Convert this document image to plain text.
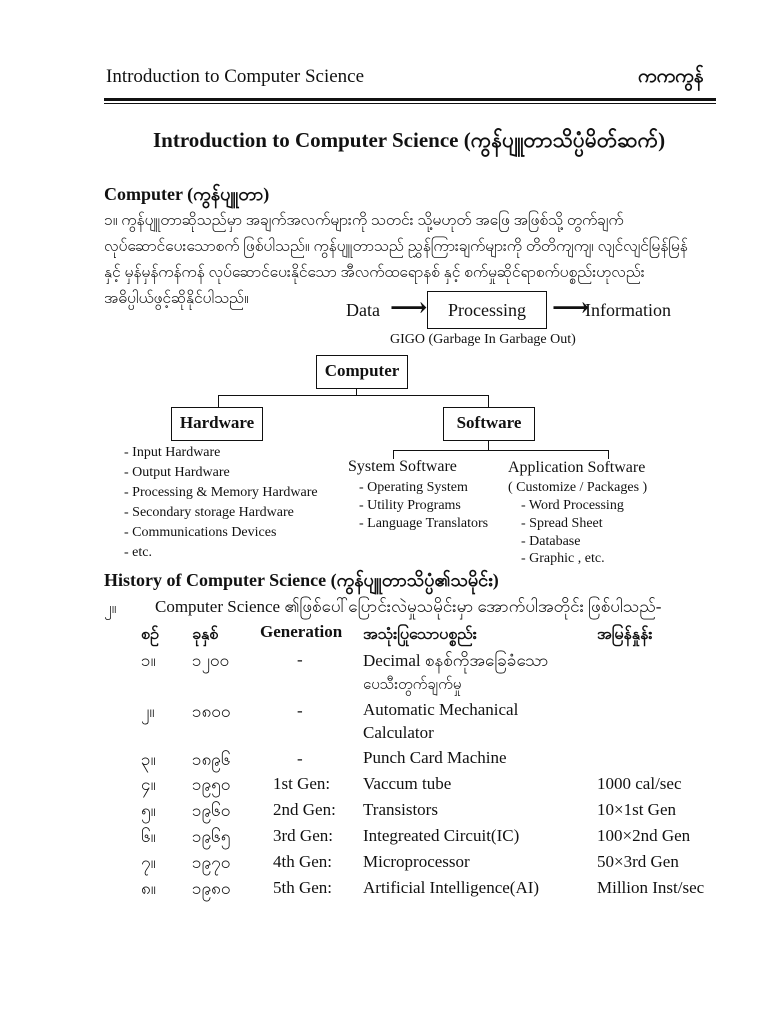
Introduction to Computer Science	ကကကွန်
Introduction to Computer Science (ကွန်ပျူတာသိပ္ပံမိတ်ဆက်)
Computer (ကွန်ပျူတာ)
၁။ ကွန်ပျူတာဆိုသည်မှာ အချက်အလက်များကို သတင်း သို့မဟုတ် အဖြေ အဖြစ်သို့ တွက်ချက်
လုပ်ဆောင်ပေးသောစက် ဖြစ်ပါသည်။ ကွန်ပျူတာသည် ညွှန်ကြားချက်များကို တိတိကျကျ၊ လျင်လျင်မြန်မြန်
နှင့် မှန်မှန်ကန်ကန် လုပ်ဆောင်ပေးနိုင်သော အီလက်ထရောနစ် နှင့် စက်မှုဆိုင်ရာစက်ပစ္စည်းဟုလည်း
အဓိပ္ပါယ်ဖွင့်ဆိုနိုင်ပါသည်။
Data ⟶	Processing	⟶
Information
GIGO (Garbage In Garbage Out)
Computer
Hardware	Software
- Input Hardware
- Output Hardware
- Processing & Memory Hardware
- Secondary storage Hardware
- Communications Devices
- etc.
System Software
- Operating System
- Utility Programs
- Language Translators
Application Software
( Customize / Packages )
- Word Processing
- Spread Sheet
- Database
- Graphic , etc.
History of Computer Science (ကွန်ပျူတာသိပ္ပံ၏သမိုင်း)
၂။ Computer Science ၏ဖြစ်ပေါ်ပြောင်းလဲမှုသမိုင်းမှာ အောက်ပါအတိုင်း ဖြစ်ပါသည်-
စဉ် ခုနှစ် Generation အသုံးပြုသောပစ္စည်း	အမြန်နှုန်း
၁။ ၁၂၀၀	-	Decimal စနစ်ကိုအခြေခံသော
ပေသီးတွက်ချက်မှု
၂။ ၁၈၀၀	-	Automatic Mechanical
Calculator
၃။ ၁၈၉၆	-	Punch Card Machine
၄။ ၁၉၅၀	1st Gen: Vaccum tube	1000 cal/sec
၅။ ၁၉၆၀	2nd Gen: Transistors	10×1st Gen
၆။ ၁၉၆၅	3rd Gen: Integreated Circuit(IC)	100×2nd Gen
၇။ ၁၉၇၀	4th Gen: Microprocessor	50×3rd Gen
၈။ ၁၉၈၀	5th Gen: Artificial Intelligence(AI)	Million Inst/sec
